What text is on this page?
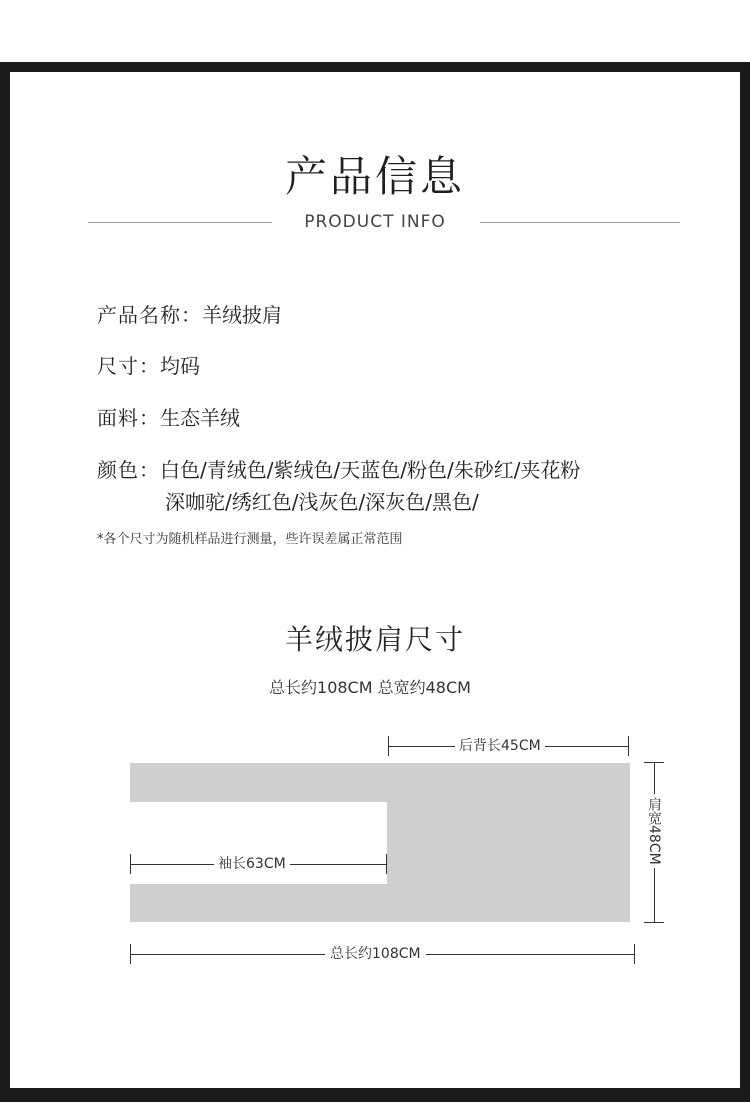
产品信息
PRODUCT INFO
产品名称：羊绒披肩
尺寸：均码
面料：生态羊绒
颜色：白色/青绒色/紫绒色/天蓝色/粉色/朱砂红/夹花粉
深咖驼/绣红色/浅灰色/深灰色/黑色/
*各个尺寸为随机样品进行测量，些许误差属正常范围
羊绒披肩尺寸
总长约108CM 总宽约48CM
后背长45CM
袖长63CM	肩宽48CM
总长约108CM
